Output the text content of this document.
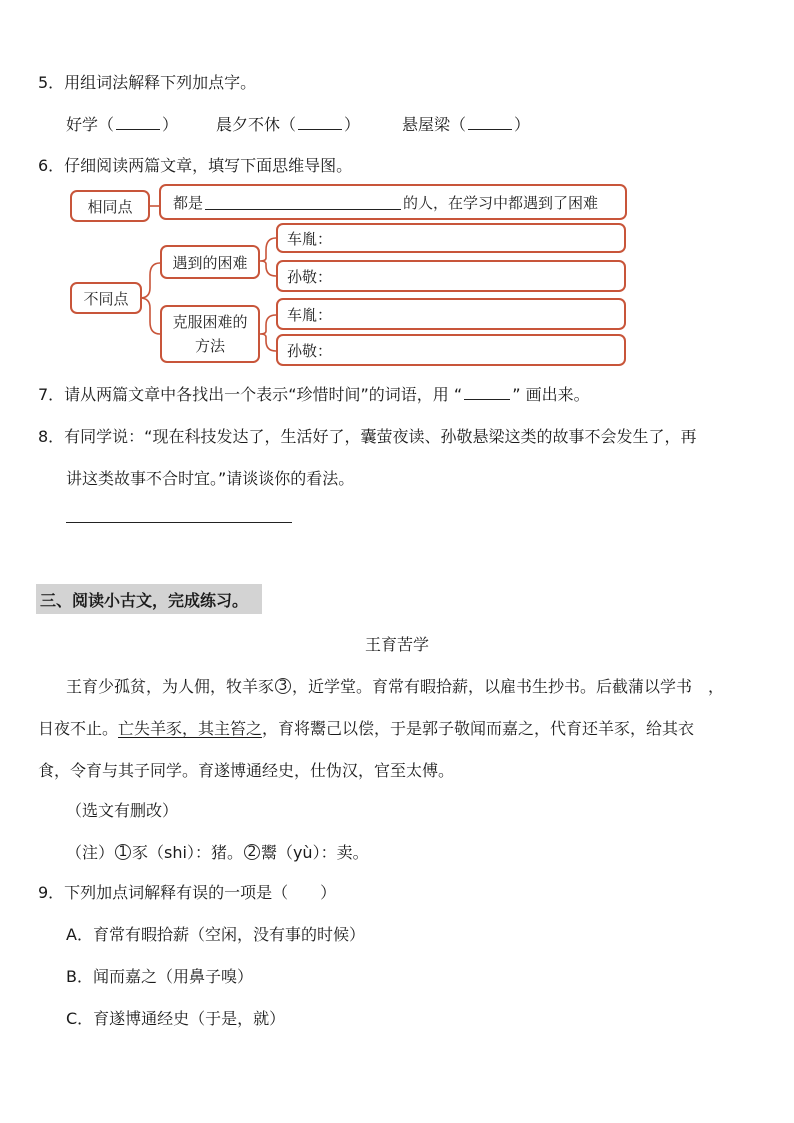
5．用组词法解释下列加点字。
好学（	） 晨夕不休（	）	悬屋梁（	）
6．仔细阅读两篇文章，填写下面思维导图。
相同点	都是	的人，在学习中都遇到了困难
不同点
遇到的困难
克服困难的
方法
车胤：
孙敬：
车胤：
孙敬：
7．请从两篇文章中各找出一个表示“珍惜时间”的词语，用 “	” 画出来。
8．有同学说：“现在科技发达了，生活好了，囊萤夜读、孙敬悬梁这类的故事不会发生了，再
讲这类故事不合时宜。”请谈谈你的看法。
三、阅读小古文，完成练习。
王育苦学
王育少孤贫，为人佣，牧羊豕 3 ，近学堂。育常有暇拾薪，以雇书生抄书。后截蒲以学书　，
日夜不止。亡失羊豕，其主笞之，育将鬻己以偿，于是郭子敬闻而嘉之，代育还羊豕，给其衣
食，令育与其子同学。育遂博通经史，仕伪汉，官至太傅。
（选文有删改）
（注） 1 豕（shi）：猪。 2 鬻（yù）：卖。
9．下列加点词解释有误的一项是（　　）
A．育常有暇拾薪（空闲，没有事的时候）
B．闻而嘉之（用鼻子嗅）
C．育遂博通经史（于是，就）
